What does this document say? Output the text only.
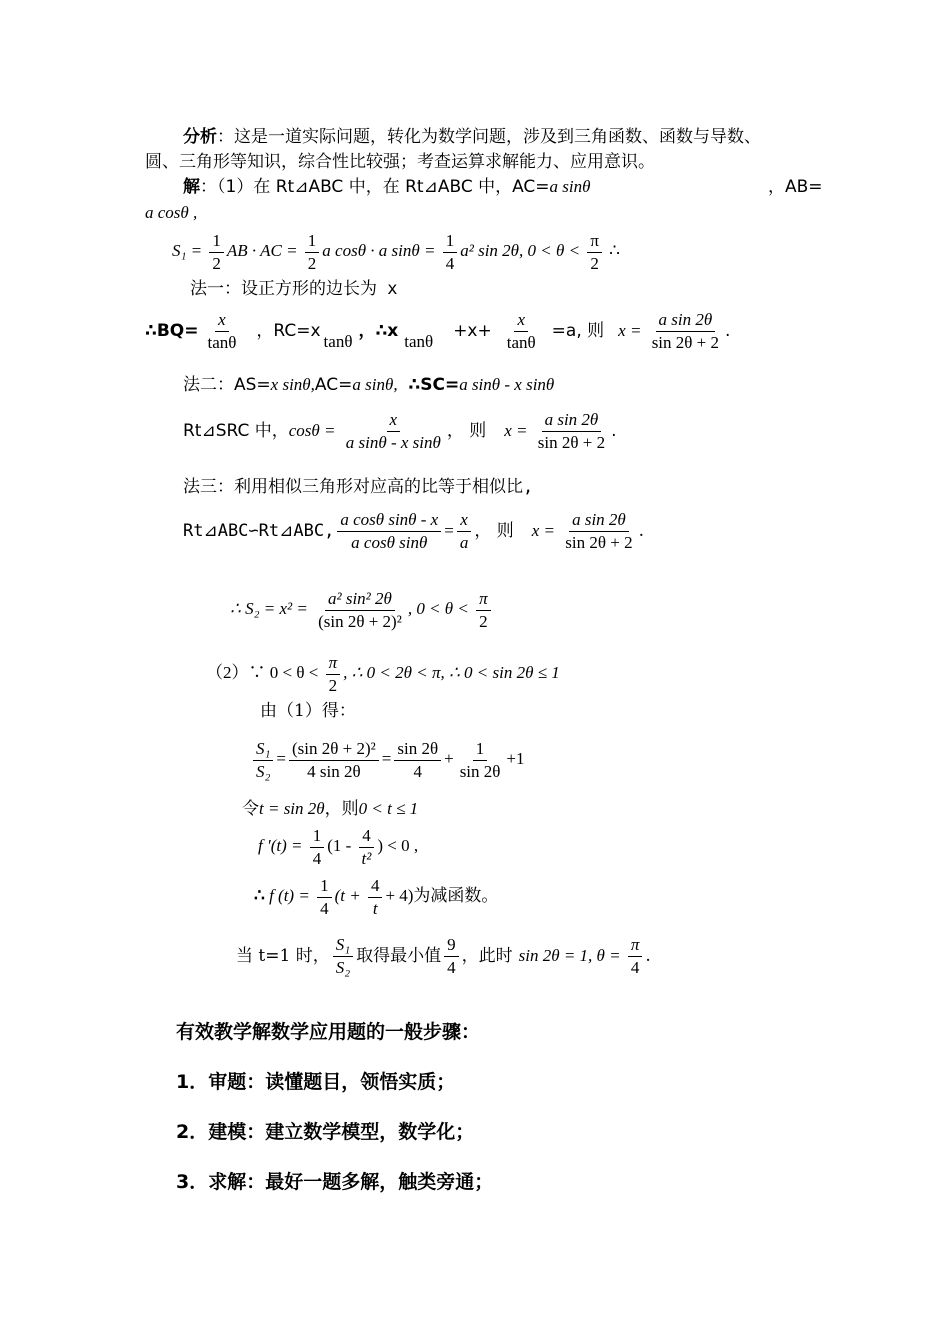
分析：这是一道实际问题，转化为数学问题，涉及到三角函数、函数与导数、
圆、三角形等知识，综合性比较强；考查运算求解能力、应用意识。
解：（1）在 Rt⊿ABC 中，在 Rt⊿ABC 中，AC=a sinθ	，AB=
a cosθ ,
$S_1 = \frac{1}{2}$ AB · AC = $\frac{1}{2}$ a cosθ · a $\sin\theta = \frac{1}{4} a^2$ sin 2θ, $0 < \theta < \frac{\pi}{2}$ ∴
法一：设正方形的边长为 x
∴BQ= $\frac{x}{\tan\theta}$ ，RC=x

tanθ
，∴x

tanθ
$+x+ \frac{x}{\tan\theta} =a$, 则 $x = \frac{\text{a sin 2θ}}{\sin 2\theta + 2}$ .
法二：AS=x sinθ,AC=a sinθ, ∴SC=a sinθ - x sinθ
Rt⊿SRC 中，$\cos\theta = \frac{x}{\text{a sinθ - x sinθ}}$ ， 则 $x = \frac{\text{a sin 2θ}}{\sin 2\theta + 2}$ .
法三：利用相似三角形对应高的比等于相似比,
Rt⊿ABC∽Rt⊿ABC, $\frac{\text{a cosθ sinθ - x}}{\text{a cosθ sinθ}} = \frac{x}{a}$ ， 则 $x = \frac{\text{a sin 2θ}}{\sin 2\theta + 2}$ .
∴ $S_2 = x^2 = \frac{\text{a² sin² 2θ}}{\text{(sin 2θ + 2)²}}$ , $0 < \theta < \frac{\pi}{2}$
（2）∵ $0 < \theta < \frac{\pi}{2}$ , ∴ 0 < 2θ < π, ∴ 0 < sin 2θ ≤ 1
由（1）得：
$\frac{\text{S₁}}{\text{S₂}} = \frac{\text{(sin 2θ + 2)²}}{4 \sin 2\theta} = \frac{\sin 2\theta}{4} + \frac{1}{\sin 2\theta} +1$
令t = sin 2θ，则0 < t ≤ 1
f $'(t) = \frac{1}{4} (1 - \frac{4}{\text{t²}}$ ) < 0 ,
∴ f $(t) = \frac{1}{4} (t + \frac{4}{t} + 4)$为减函数。
当 t=1 时， $\frac{\text{S₁}}{\text{S₂}}$ 取得最小值 $\frac{9}{4}$ ，此时 sin 2θ = 1, $\theta = \frac{\pi}{4}$ .
有效教学解数学应用题的一般步骤：
1．审题：读懂题目，领悟实质；
2．建模：建立数学模型，数学化；
3．求解：最好一题多解，触类旁通；
